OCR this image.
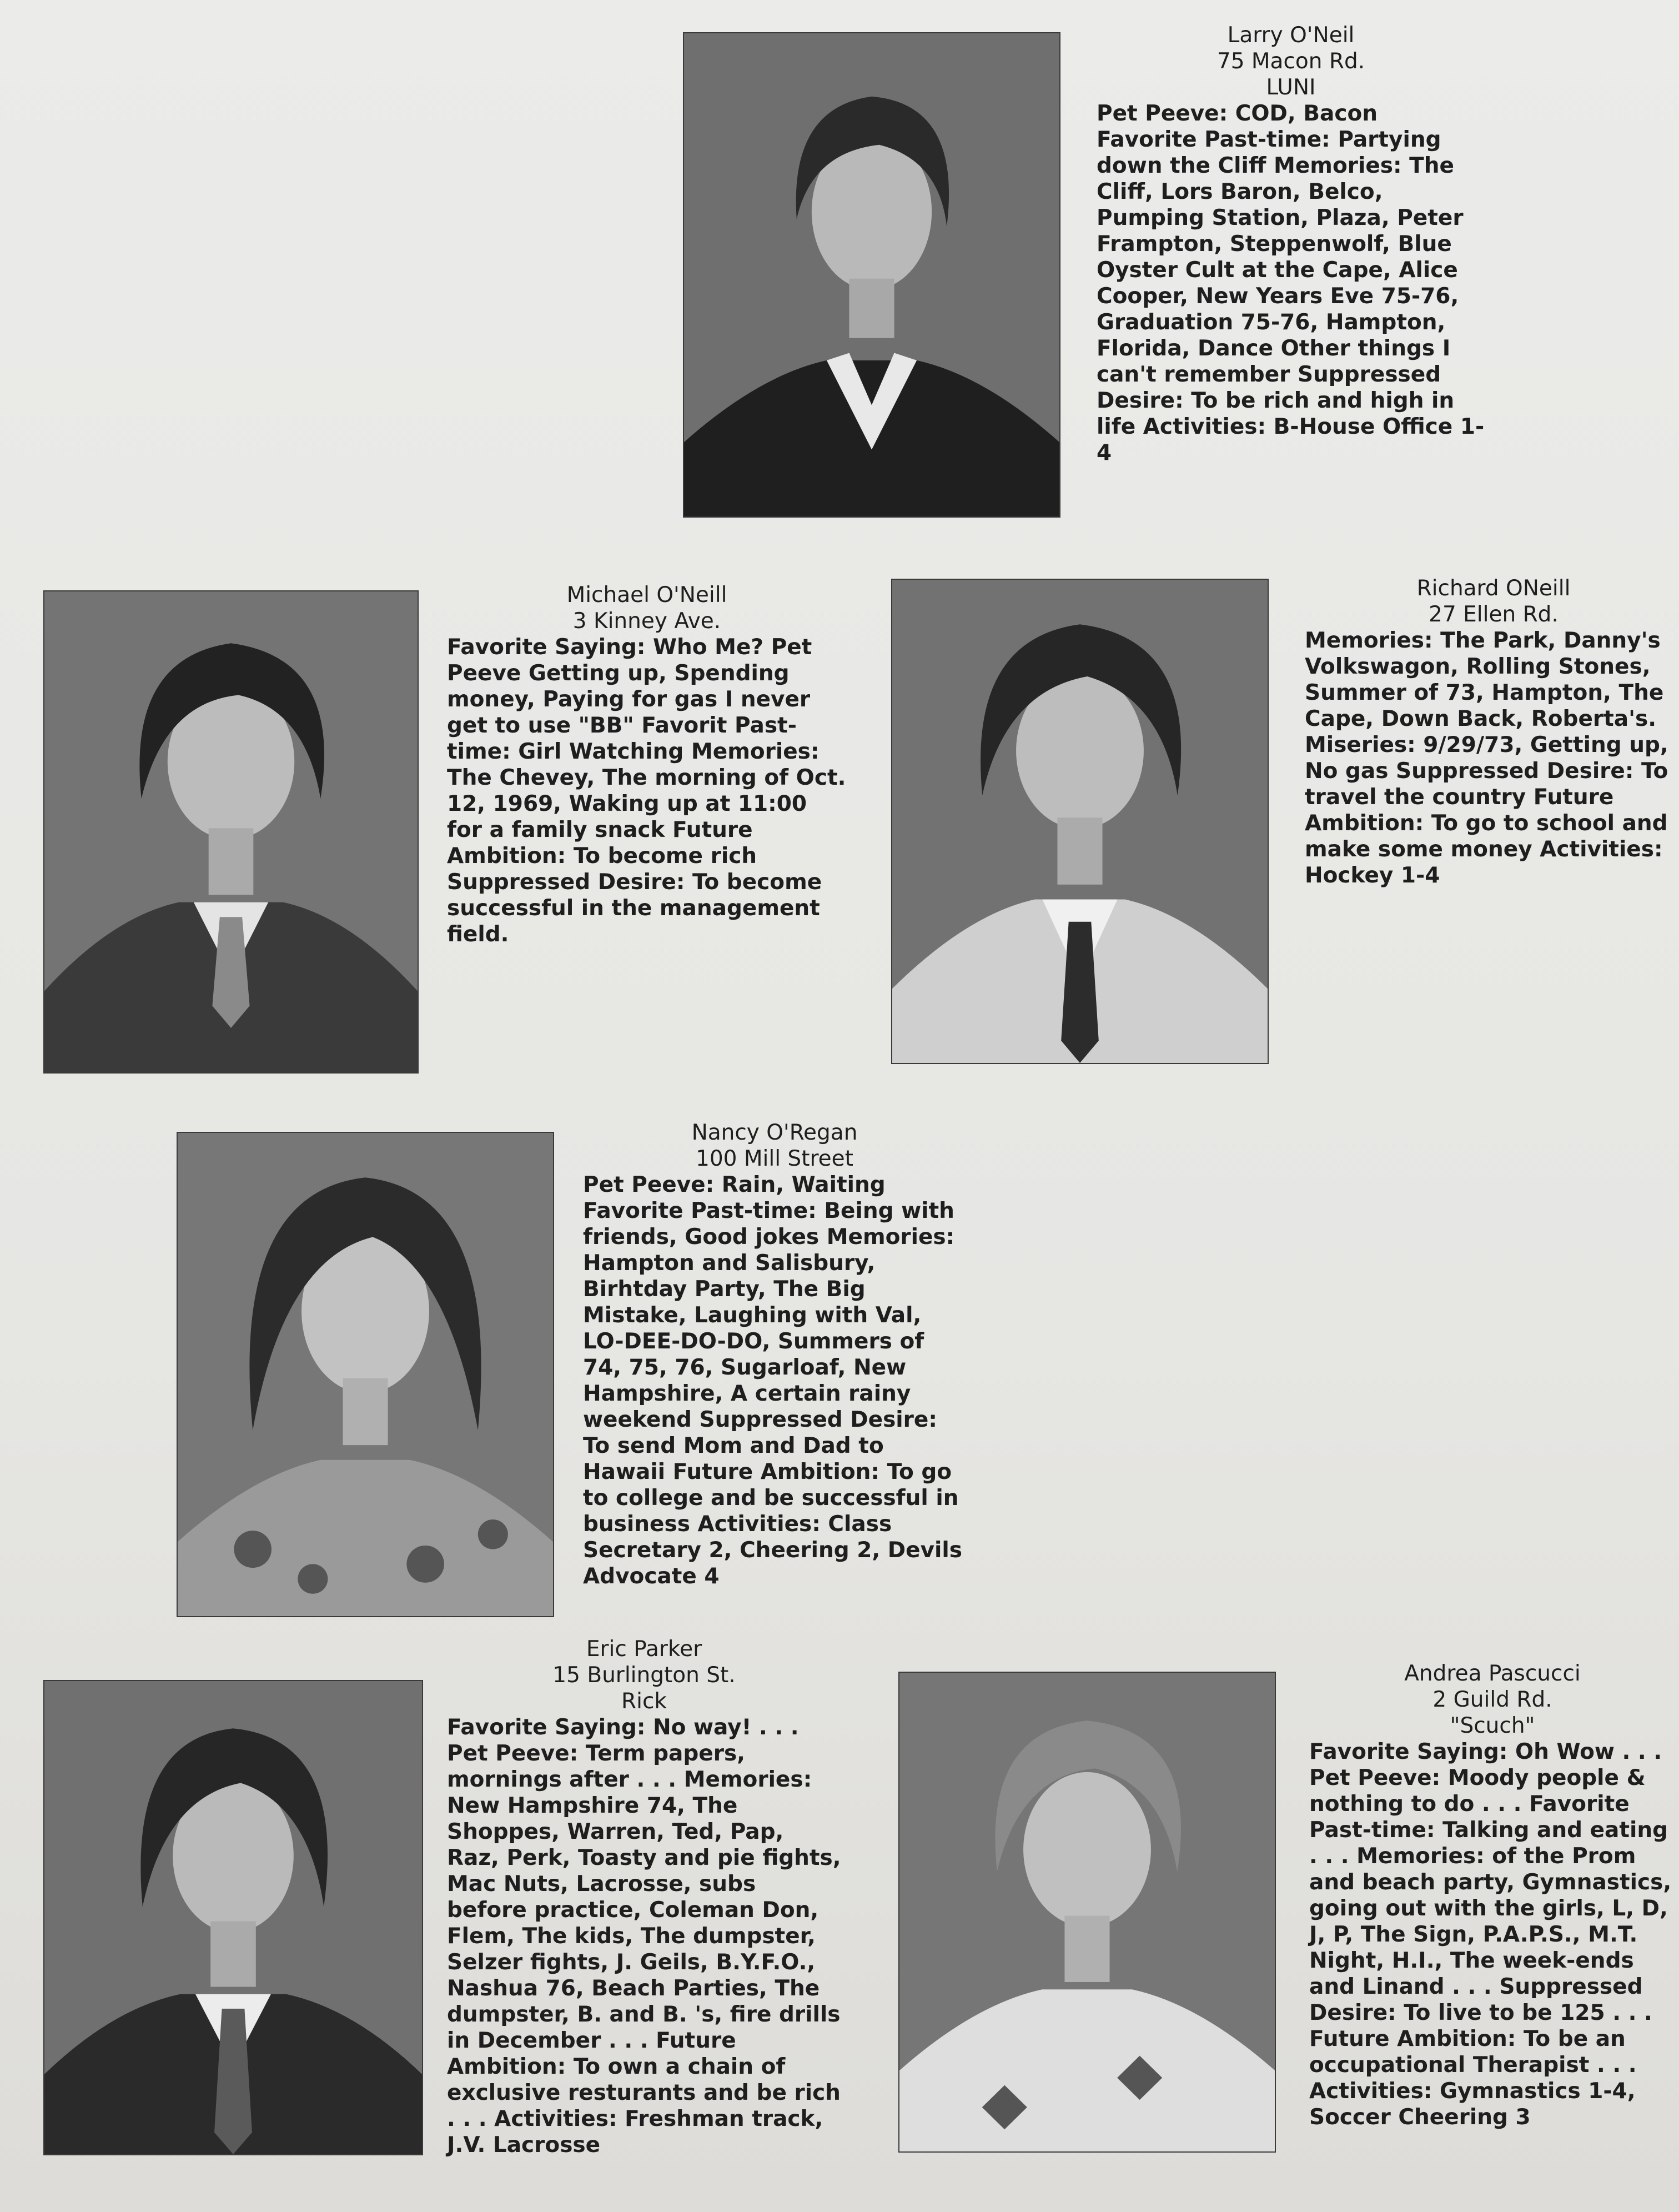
Larry O'Neil
75 Macon Rd.
LUNI

Pet Peeve: COD, Bacon Favorite Past-time: Partying down the Cliff Memories: The Cliff, Lors Baron, Belco, Pumping Station, Plaza, Peter Frampton, Steppenwolf, Blue Oyster Cult at the Cape, Alice Cooper, New Years Eve 75-76, Graduation 75-76, Hampton, Florida, Dance Other things I can't remember Suppressed Desire: To be rich and high in life Activities: B-House Office 1-4

Michael O'Neill
3 Kinney Ave.

Favorite Saying: Who Me? Pet Peeve Getting up, Spending money, Paying for gas I never get to use "BB" Favorit Past-time: Girl Watching Memories: The Chevey, The morning of Oct. 12, 1969, Waking up at 11:00 for a family snack Future Ambition: To become rich Suppressed Desire: To become successful in the management field.

Richard ONeill
27 Ellen Rd.

Memories: The Park, Danny's Volkswagon, Rolling Stones, Summer of 73, Hampton, The Cape, Down Back, Roberta's. Miseries: 9/29/73, Getting up, No gas Suppressed Desire: To travel the country Future Ambition: To go to school and make some money Activities: Hockey 1-4

Nancy O'Regan
100 Mill Street

Pet Peeve: Rain, Waiting Favorite Past-time: Being with friends, Good jokes Memories: Hampton and Salisbury, Birhtday Party, The Big Mistake, Laughing with Val, LO-DEE-DO-DO, Summers of 74, 75, 76, Sugarloaf, New Hampshire, A certain rainy weekend Suppressed Desire: To send Mom and Dad to Hawaii Future Ambition: To go to college and be successful in business Activities: Class Secretary 2, Cheering 2, Devils Advocate 4

Eric Parker
15 Burlington St.
Rick

Favorite Saying: No way! . . . Pet Peeve: Term papers, mornings after . . . Memories: New Hampshire 74, The Shoppes, Warren, Ted, Pap, Raz, Perk, Toasty and pie fights, Mac Nuts, Lacrosse, subs before practice, Coleman Don, Flem, The kids, The dumpster, Selzer fights, J. Geils, B.Y.F.O., Nashua 76, Beach Parties, The dumpster, B. and B. 's, fire drills in December . . . Future Ambition: To own a chain of exclusive resturants and be rich . . . Activities: Freshman track, J.V. Lacrosse

Andrea Pascucci
2 Guild Rd.
"Scuch"

Favorite Saying: Oh Wow . . . Pet Peeve: Moody people & nothing to do . . . Favorite Past-time: Talking and eating . . . Memories: of the Prom and beach party, Gymnastics, going out with the girls, L, D, J, P, The Sign, P.A.P.S., M.T. Night, H.I., The week-ends and Linand . . . Suppressed Desire: To live to be 125 . . . Future Ambition: To be an occupational Therapist . . . Activities: Gymnastics 1-4, Soccer Cheering 3
